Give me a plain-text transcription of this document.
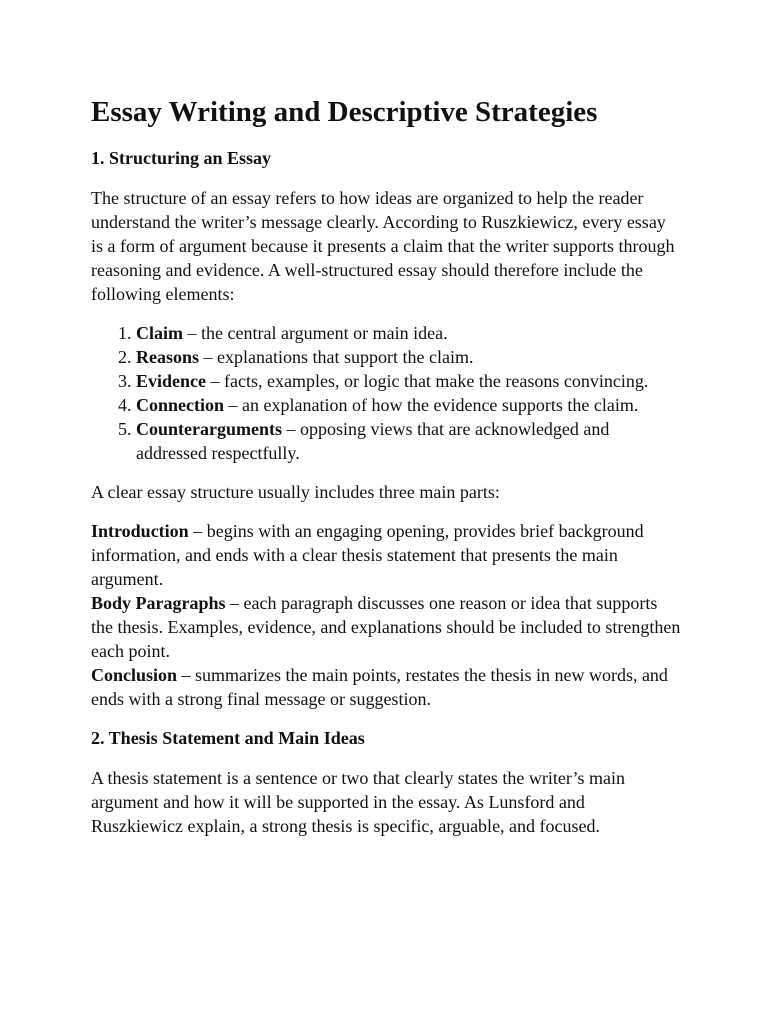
Essay Writing and Descriptive Strategies
1. Structuring an Essay

The structure of an essay refers to how ideas are organized to help the reader understand the writer’s message clearly. According to Ruszkiewicz, every essay is a form of argument because it presents a claim that the writer supports through reasoning and evidence. A well-structured essay should therefore include the following elements:

1. Claim – the central argument or main idea.
2. Reasons – explanations that support the claim.
3. Evidence – facts, examples, or logic that make the reasons convincing.
4. Connection – an explanation of how the evidence supports the claim.
5. Counterarguments – opposing views that are acknowledged and addressed respectfully.

A clear essay structure usually includes three main parts:

Introduction – begins with an engaging opening, provides brief background information, and ends with a clear thesis statement that presents the main argument.

Body Paragraphs – each paragraph discusses one reason or idea that supports the thesis. Examples, evidence, and explanations should be included to strengthen each point.

Conclusion – summarizes the main points, restates the thesis in new words, and ends with a strong final message or suggestion.

2. Thesis Statement and Main Ideas

A thesis statement is a sentence or two that clearly states the writer’s main argument and how it will be supported in the essay. As Lunsford and Ruszkiewicz explain, a strong thesis is specific, arguable, and focused.
